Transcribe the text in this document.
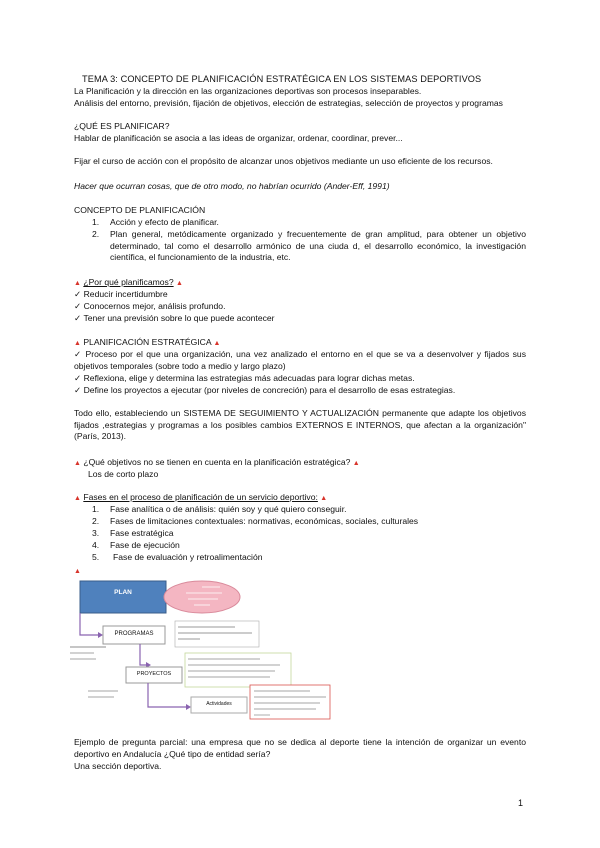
TEMA 3: CONCEPTO DE PLANIFICACIÓN ESTRATÉGICA EN LOS SISTEMAS DEPORTIVOS
La Planificación y la dirección en las organizaciones deportivas son procesos inseparables.
Análisis del entorno, previsión, fijación de objetivos, elección de estrategias, selección de proyectos y programas
¿QUÉ ES PLANIFICAR?
Hablar de planificación se asocia a las ideas de organizar, ordenar, coordinar, prever...
Fijar el curso de acción con el propósito de alcanzar unos objetivos mediante un uso eficiente de los recursos.
Hacer que ocurran cosas, que de otro modo, no habrían ocurrido (Ander-Eff, 1991)
CONCEPTO DE PLANIFICACIÓN
1. Acción y efecto de planificar.
2. Plan general, metódicamente organizado y frecuentemente de gran amplitud, para obtener un objetivo determinado, tal como el desarrollo armónico de una ciuda d, el desarrollo económico, la investigación científica, el funcionamiento de la industria, etc.
▲ ¿Por qué planificamos? ▲
✓ Reducir incertidumbre
✓ Conocernos mejor, análisis profundo.
✓ Tener una previsión sobre lo que puede acontecer
▲ PLANIFICACIÓN ESTRATÉGICA ▲
✓ Proceso por el que una organización, una vez analizado el entorno en el que se va a desenvolver y fijados sus objetivos temporales (sobre todo a medio y largo plazo)
✓ Reflexiona, elige y determina las estrategias más adecuadas para lograr dichas metas.
✓ Define los proyectos a ejecutar (por niveles de concreción) para el desarrollo de esas estrategias.
Todo ello, estableciendo un SISTEMA DE SEGUIMIENTO Y ACTUALIZACIÓN permanente que adapte los objetivos fijados ,estrategias y programas a los posibles cambios EXTERNOS E INTERNOS, que afectan a la organización" (París, 2013).
▲ ¿Qué objetivos no se tienen en cuenta en la planificación estratégica? ▲
Los de corto plazo
▲ Fases en el proceso de planificación de un servicio deportivo: ▲
1. Fase analítica o de análisis: quién soy y qué quiero conseguir.
2. Fases de limitaciones contextuales: normativas, económicas, sociales, culturales
3. Fase estratégica
4. Fase de ejecución
5. Fase de evaluación y retroalimentación
▲
PLAN
PROGRAMAS
PROYECTOS
Actividades
Ejemplo de pregunta parcial: una empresa que no se dedica al deporte tiene la intención de organizar un evento deportivo en Andalucía ¿Qué tipo de entidad sería?
Una sección deportiva.
1
